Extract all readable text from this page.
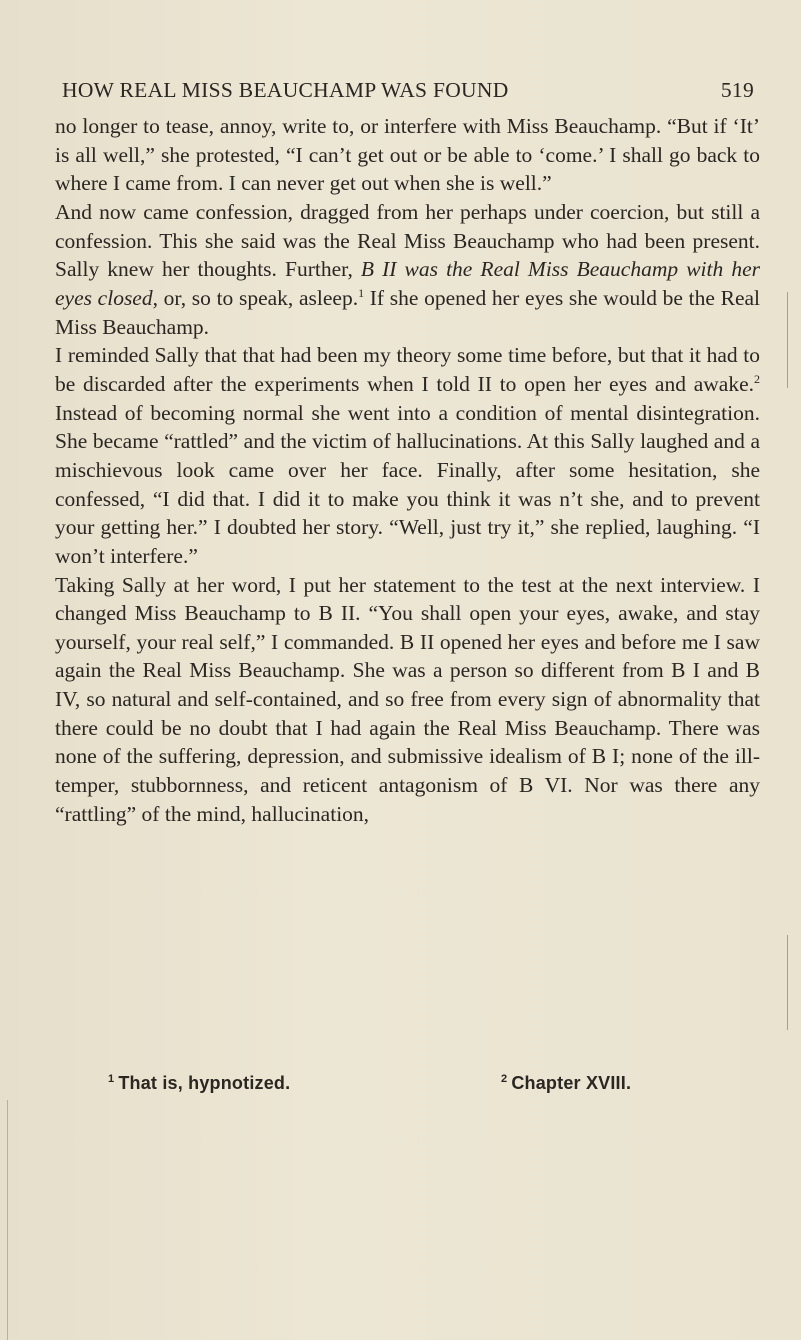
HOW REAL MISS BEAUCHAMP WAS FOUND	519

no longer to tease, annoy, write to, or interfere with Miss Beauchamp. “But if ‘It’ is all well,” she protested, “I can’t get out or be able to ‘come.’ I shall go back to where I came from. I can never get out when she is well.”

And now came confession, dragged from her perhaps under coercion, but still a confession. This she said was the Real Miss Beauchamp who had been present. Sally knew her thoughts. Further, B II was the Real Miss Beauchamp with her eyes closed, or, so to speak, asleep.$^1$ If she opened her eyes she would be the Real Miss Beauchamp.

I reminded Sally that that had been my theory some time before, but that it had to be discarded after the experiments when I told II to open her eyes and awake.$^2$ Instead of becoming normal she went into a condition of mental disintegration. She became “rattled” and the victim of hallucinations. At this Sally laughed and a mischievous look came over her face. Finally, after some hesitation, she confessed, “I did that. I did it to make you think it was n’t she, and to prevent your getting her.” I doubted her story. “Well, just try it,” she replied, laughing. “I won’t interfere.”

Taking Sally at her word, I put her statement to the test at the next interview. I changed Miss Beauchamp to B II. “You shall open your eyes, awake, and stay yourself, your real self,” I commanded. B II opened her eyes and before me I saw again the Real Miss Beauchamp. She was a person so different from B I and B IV, so natural and self-contained, and so free from every sign of abnormality that there could be no doubt that I had again the Real Miss Beauchamp. There was none of the suffering, depression, and submissive idealism of B I; none of the ill-temper, stubbornness, and reticent antagonism of B VI. Nor was there any “rattling” of the mind, hallucination,

$^1$ That is, hypnotized.	$^2$ Chapter XVIII.
